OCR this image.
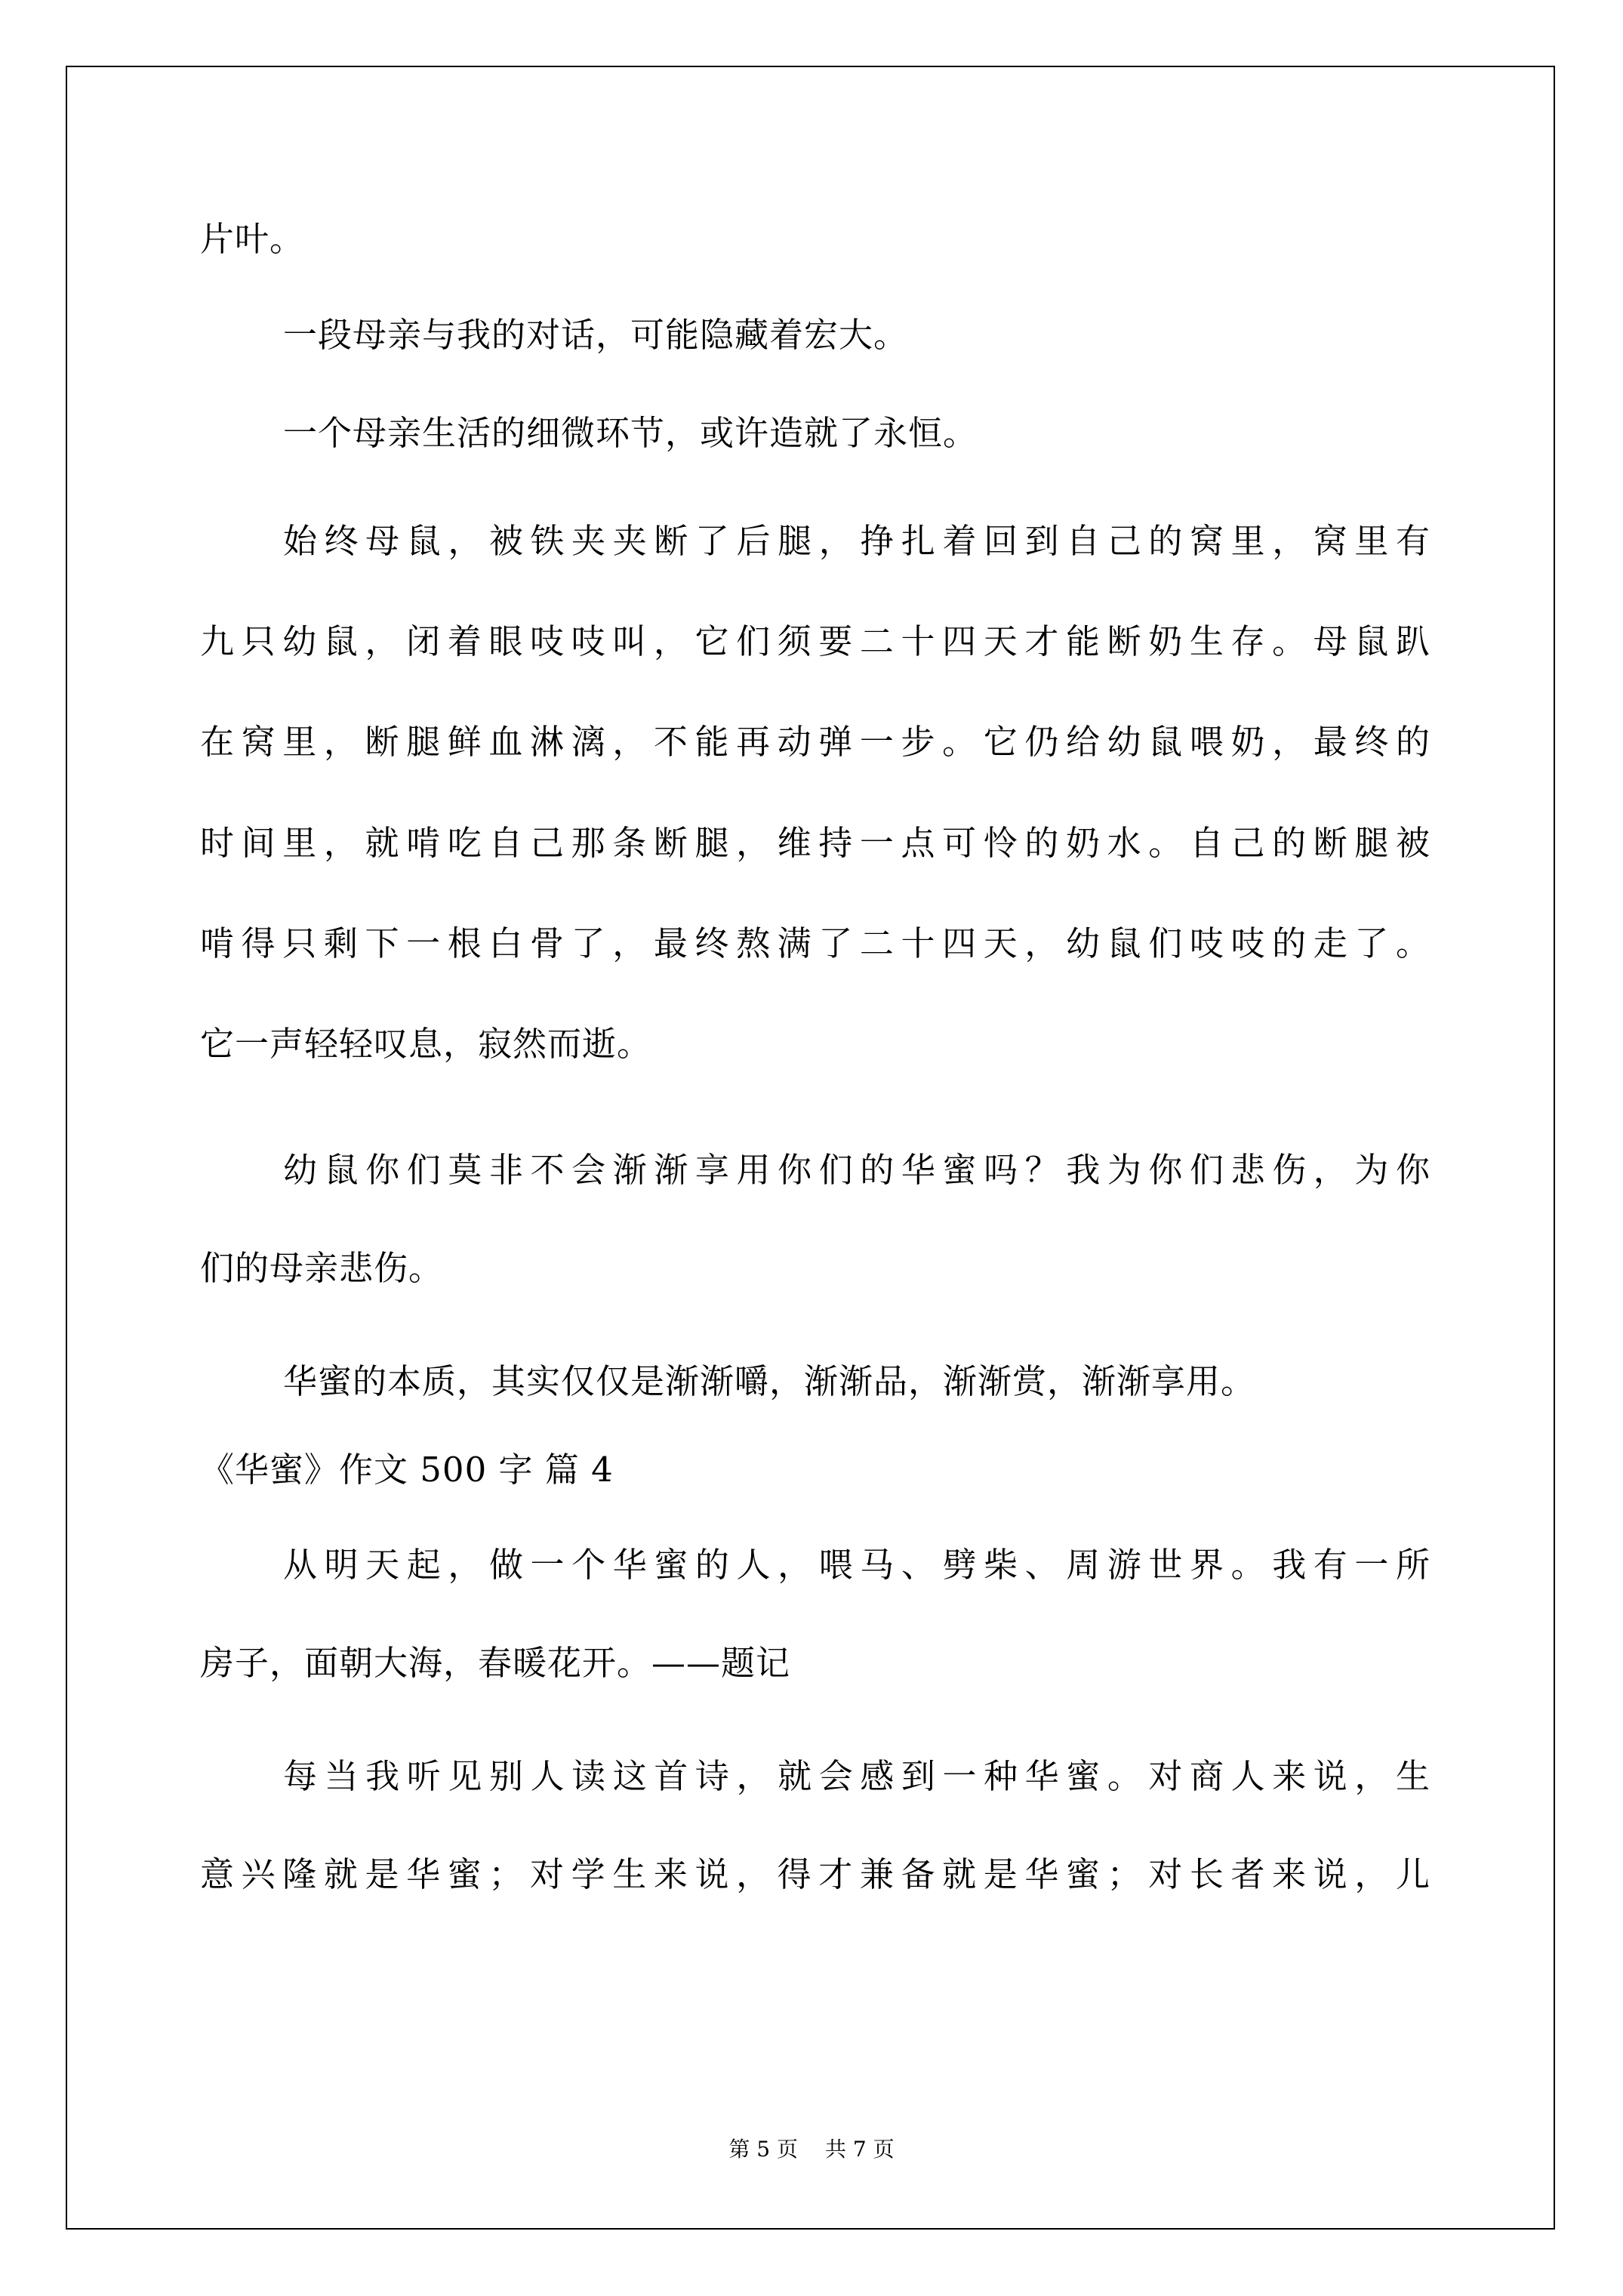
片叶。
一段母亲与我的对话，可能隐藏着宏大。
一个母亲生活的细微环节，或许造就了永恒。
始终母鼠，被铁夹夹断了后腿，挣扎着回到自己的窝里，窝里有
九只幼鼠，闭着眼吱吱叫，它们须要二十四天才能断奶生存。母鼠趴
在窝里，断腿鲜血淋漓，不能再动弹一步。它仍给幼鼠喂奶，最终的
时间里，就啃吃自己那条断腿，维持一点可怜的奶水。自己的断腿被
啃得只剩下一根白骨了，最终熬满了二十四天，幼鼠们吱吱的走了。
它一声轻轻叹息，寂然而逝。
幼鼠你们莫非不会渐渐享用你们的华蜜吗？我为你们悲伤，为你
们的母亲悲伤。
华蜜的本质，其实仅仅是渐渐嚼，渐渐品，渐渐赏，渐渐享用。
《华蜜》作文 500 字 篇 4
从明天起，做一个华蜜的人，喂马、劈柴、周游世界。我有一所
房子，面朝大海，春暖花开。——题记
每当我听见别人读这首诗，就会感到一种华蜜。对商人来说，生
意兴隆就是华蜜；对学生来说，得才兼备就是华蜜；对长者来说，儿
第 5 页 共 7 页
